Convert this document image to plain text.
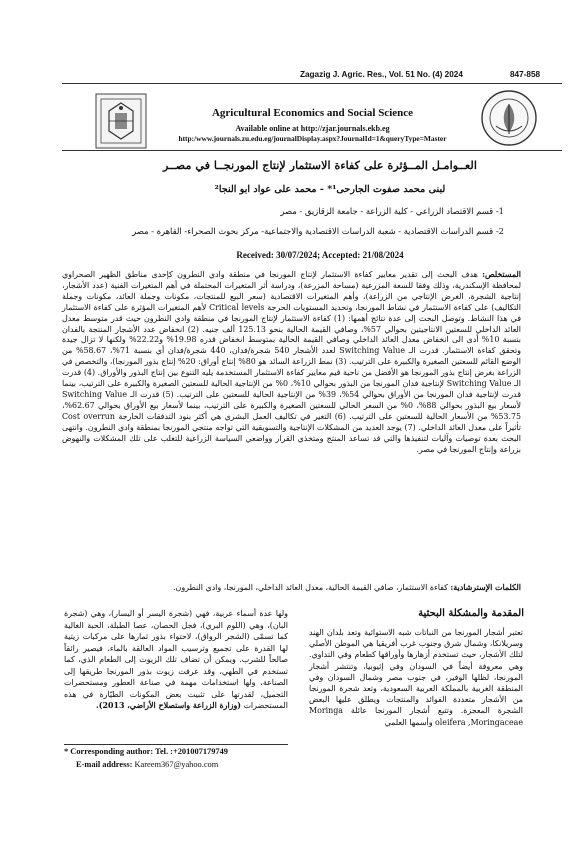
Zagazig J. Agric. Res., Vol. 51 No. (4) 2024	847-858

Agricultural Economics and Social Science

Available online at http://zjar.journals.ekb.eg
http:/www.journals.zu.edu.eg/journalDisplay.aspx?JournalId=1&queryType=Master
العــوامـل المــؤثرة على كفاءة الاستثمار لإنتاج المورنجــا في مصــر
لبنى محمد صفوت الجارحى¹* - محمد على عواد ابو النجا²
1- قسم الاقتصاد الزراعي - كلية الزراعة - جامعة الزقازيق - مصر
2- قسم الدراسات الاقتصادية - شعبة الدراسات الاقتصادية والاجتماعية- مركز بحوث الصحراء- القاهرة - مصر
Received: 30/07/2024; Accepted: 21/08/2024
المستخلص: هدف البحث إلى تقدير معايير كفاءة الاستثمار لإنتاج المورنجا في منطقة وادي النطرون كإحدى مناطق الظهير الصحراوي لمحافظة الإسكندرية، وذلك وفقا للسعة المزرعية (مساحة المزرعة)، ودراسة أثر المتغيرات المحتملة في أهم المتغيرات الفنية (عدد الأشجار، إنتاجية الشجرة، الغرض الإنتاجي من الزراعة)، وأهم المتغيرات الاقتصادية (سعر البيع للمنتجات، مكونات وجملة العائد، مكونات وجملة التكاليف) على كفاءة الاستثمار في نشاط المورنجا، وتحديد المستويات الحرجة Critical levels لأهم المتغيرات المؤثرة على كفاءة الاستثمار في هذا النشاط. وتوصل البحث إلى عدة نتائج أهمها: (1) كفاءة الاستثمار لإنتاج المورنجا في منطقة وادي النطرون حيث قدر متوسط معدل العائد الداخلي للسعتين الانتاجيتين بحوالي 57%، وصافي القيمة الحالية بنحو 125.13 ألف جنيه. (2) انخفاض عدد الأشجار المنتجة بالفدان بنسبة 10% أدى الى انخفاض معدل العائد الداخلي وصافي القيمة الحالية بمتوسط انخفاض قدره 19.98% و22.22% ولكنها لا تزال جيدة وتحقق كفاءة الاستثمار. قدرت الـ Switching Value لعدد الأشجار 540 شجرة/فدان، 440 شجرة/فدان أي بنسبة 71%، 58.67% من الوضع القائم للسعتين الصغيرة والكبيرة على الترتيب. (3) نمط الزراعة السائد هو 80% إنتاج أوراق: 20% إنتاج بذور المورنجا)، والتخصص في الزراعة بغرض إنتاج بذور المورنجا هو الأفضل من ناحية قيم معايير كفاءة الاستثمار المستخدمة يليه التنوع بين إنتاج البذور والأوراق. (4) قدرت الـ Switching Value لإنتاجية فدان المورنجا من البذور بحوالي 10%، 0% من الإنتاجية الحالية للسعتين الصغيرة والكبيرة على الترتيب، بينما قدرت لإنتاجية فدان المورنجا من الأوراق بحوالي 54%، 39% من الإنتاجية الحالية للسعتين على الترتيب. (5) قدرت الـ Switching Value لأسعار بيع البذور بحوالي 88%، 0% من السعر الحالي للسعتين الصغيرة والكبيرة على الترتيب، بينما لأسعار بيع الأوراق بحوالي 62.67%، 53.75% من الأسعار الحالية للسعتين على الترتيب. (6) التغير في تكاليف العمل البشري هي أكثر بنود التدفقات الخارجة Cost overrun تأثيراً على معدل العائد الداخلي. (7) يوجد العديد من المشكلات الإنتاجية والتسويقية التي تواجه منتجي المورنجا بمنطقة وادي النطرون. وانتهى البحث بعدة توصيات وآليات لتنفيذها والتي قد تساعد المنتج ومتخذي القرار وواضعي السياسة الزراعية للتغلب على تلك المشكلات والنهوض بزراعة وإنتاج المورنجا في مصر.
الكلمات الإسترشادية: كفاءة الاستثمار، صافي القيمة الحالية، معدل العائد الداخلي، المورنجا، وادي النطرون.
المقدمة والمشكلة البحثية
تعتبر أشجار المورنجا من النباتات شبه الاستوائية وتعد بلدان الهند وسريلانكا، وشمال شرق وجنوب غرب أفريقيا هي الموطن الأصلي لتلك الأشجار، حيث تستخدم أزهارها وأوراقها كطعام وفي التداوي. وهي معروفة أيضاً في السودان وفي إثيوبيا، وتنتشر أشجار المورنجا، لظلها الوفير، في جنوب مصر وشمال السودان وفي المنطقة الغربية بالمملكة العربية السعودية، وتعد شجرة المورنجا من الأشجار متعددة الفوائد والمنتجات ويطلق عليها البعض الشجرة المعجزة. وتتبع أشجار المورنجا عائلة Moringa oleifera ,Moringaceae وأسمها العلمي
ولها عدة أسماء عربية، فهي (شجرة اليسر أو اليسار)، وهي (شجرة البان)، وهي (اللوم البري)، فجل الحصان، عصا الطبلة، الحبة الغالية كما تسمّى (الشجر الرواق)، لاحتواء بذور ثمارها على مركبات زيتية لها القدرة على تجميع وترسيب المواد العالقة بالماء، فيصير رائقاً صالحاً للشرب. ويمكن أن تضاف تلك الزيوت إلى الطعام الذي، كما تستخدم في الطهي، وقد عرفت زيوت بذور المورنجا طريقها إلى الصناعة، ولها استخدامات مهمة في صناعة العطور ومستحضرات التجميل، لقدرتها على تثبيت بعض المكونات الطيّارة في هذه المستحضرات (وزارة الزراعة واستصلاح الأراضي، 2013).
* Corresponding author: Tel. :+201007179749
E-mail address: Kareem367@yahoo.com
